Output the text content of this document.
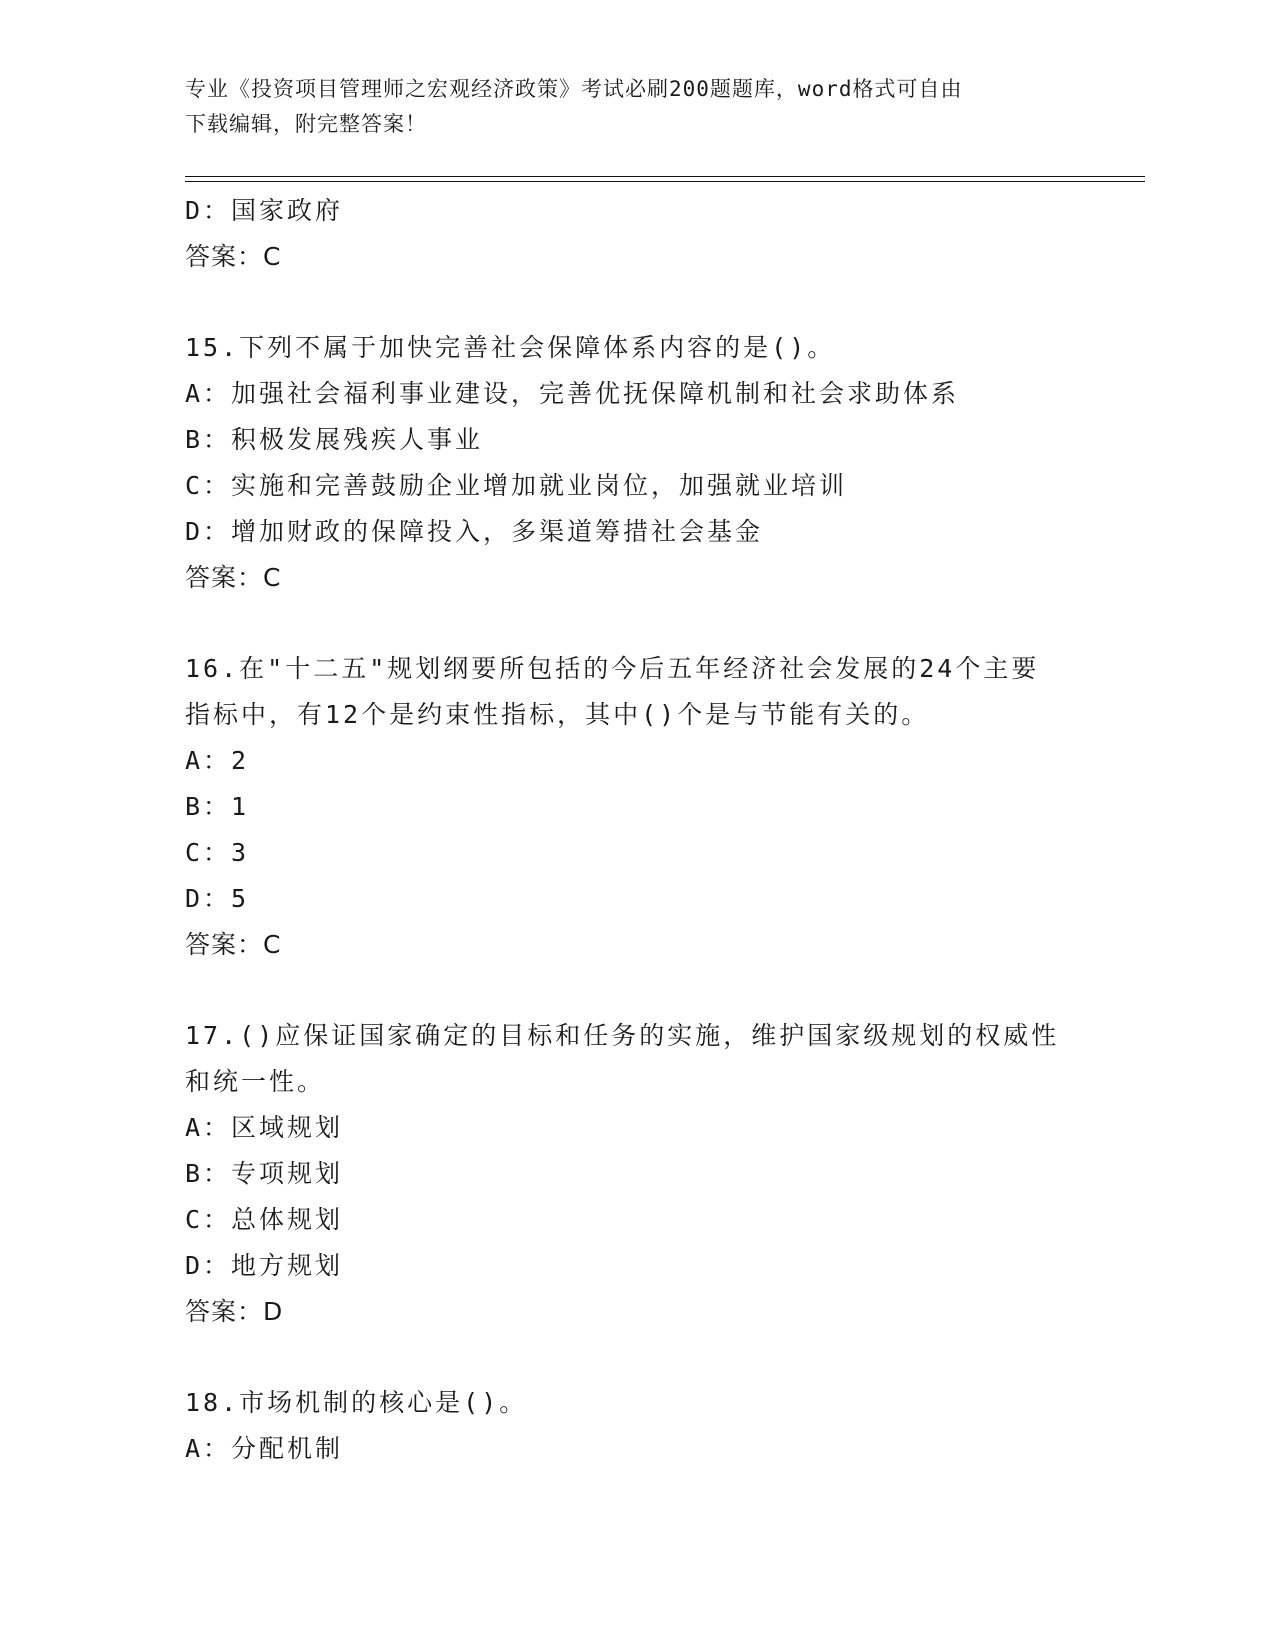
专业《投资项目管理师之宏观经济政策》考试必刷200题题库，word格式可自由
下载编辑，附完整答案！
D：国家政府
答案：C
15.下列不属于加快完善社会保障体系内容的是()。
A：加强社会福利事业建设，完善优抚保障机制和社会求助体系
B：积极发展残疾人事业
C：实施和完善鼓励企业增加就业岗位，加强就业培训
D：增加财政的保障投入，多渠道筹措社会基金
答案：C
16.在"十二五"规划纲要所包括的今后五年经济社会发展的24个主要
指标中，有12个是约束性指标，其中()个是与节能有关的。
A：2
B：1
C：3
D：5
答案：C
17.()应保证国家确定的目标和任务的实施，维护国家级规划的权威性
和统一性。
A：区域规划
B：专项规划
C：总体规划
D：地方规划
答案：D
18.市场机制的核心是()。
A：分配机制
